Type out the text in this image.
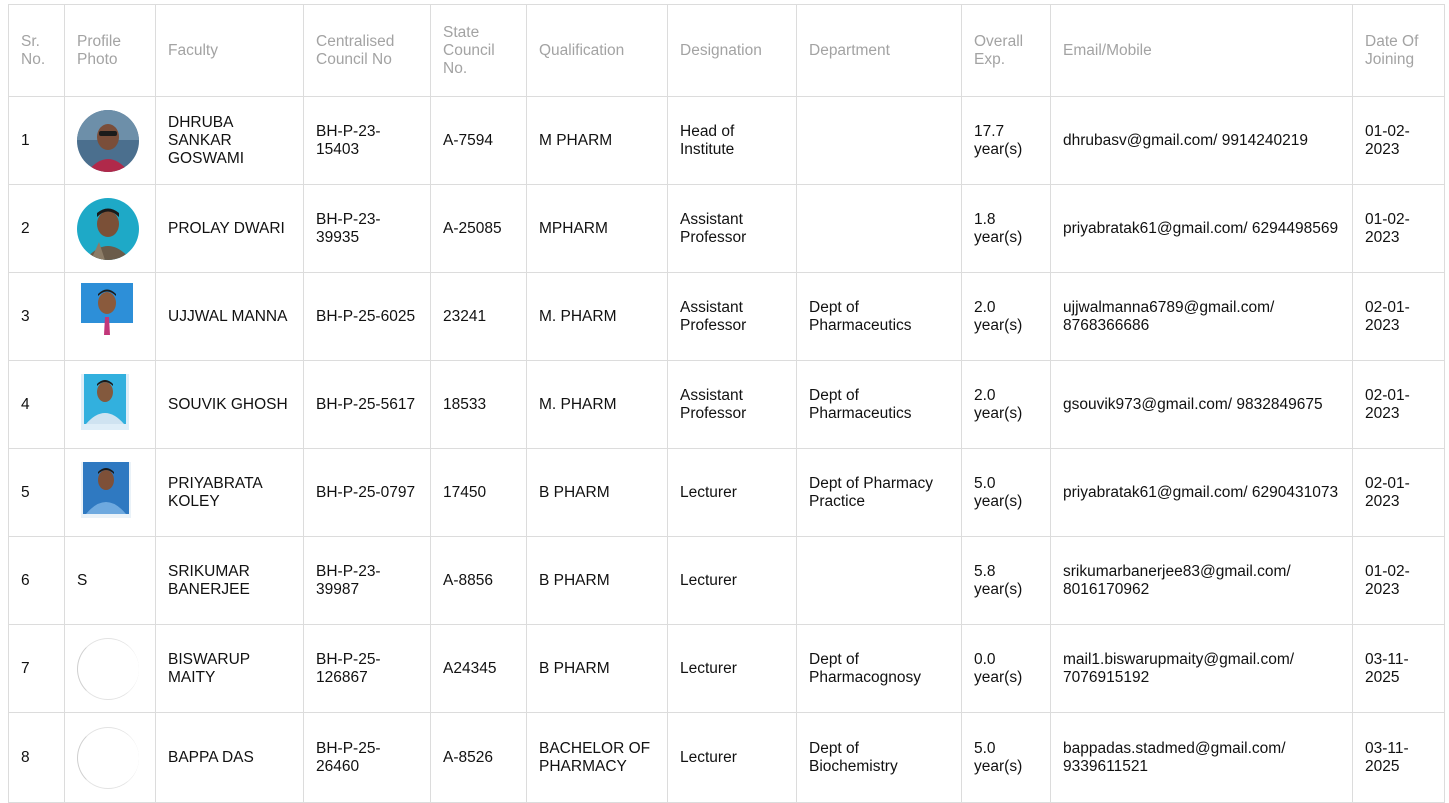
Sr. No.	Profile Photo	Faculty	Centralised Council No	State Council No.	Qualification	Designation	Department	Overall Exp.	Email/Mobile	Date Of Joining
1		DHRUBA SANKAR GOSWAMI	BH-P-23-15403	A-7594	M PHARM	Head of Institute		17.7 year(s)	dhrubasv@gmail.com/ 9914240219	01-02-2023
2		PROLAY DWARI	BH-P-23-39935	A-25085	MPHARM	Assistant Professor		1.8 year(s)	priyabratak61@gmail.com/ 6294498569	01-02-2023
3		UJJWAL MANNA	BH-P-25-6025	23241	M. PHARM	Assistant Professor	Dept of Pharmaceutics	2.0 year(s)	ujjwalmanna6789@gmail.com/ 8768366686	02-01-2023
4		SOUVIK GHOSH	BH-P-25-5617	18533	M. PHARM	Assistant Professor	Dept of Pharmaceutics	2.0 year(s)	gsouvik973@gmail.com/ 9832849675	02-01-2023
5		PRIYABRATA KOLEY	BH-P-25-0797	17450	B PHARM	Lecturer	Dept of Pharmacy Practice	5.0 year(s)	priyabratak61@gmail.com/ 6290431073	02-01-2023
6	S	SRIKUMAR BANERJEE	BH-P-23-39987	A-8856	B PHARM	Lecturer		5.8 year(s)	srikumarbanerjee83@gmail.com/ 8016170962	01-02-2023
7		BISWARUP MAITY	BH-P-25-126867	A24345	B PHARM	Lecturer	Dept of Pharmacognosy	0.0 year(s)	mail1.biswarupmaity@gmail.com/ 7076915192	03-11-2025
8		BAPPA DAS	BH-P-25-26460	A-8526	BACHELOR OF PHARMACY	Lecturer	Dept of Biochemistry	5.0 year(s)	bappadas.stadmed@gmail.com/ 9339611521	03-11-2025
